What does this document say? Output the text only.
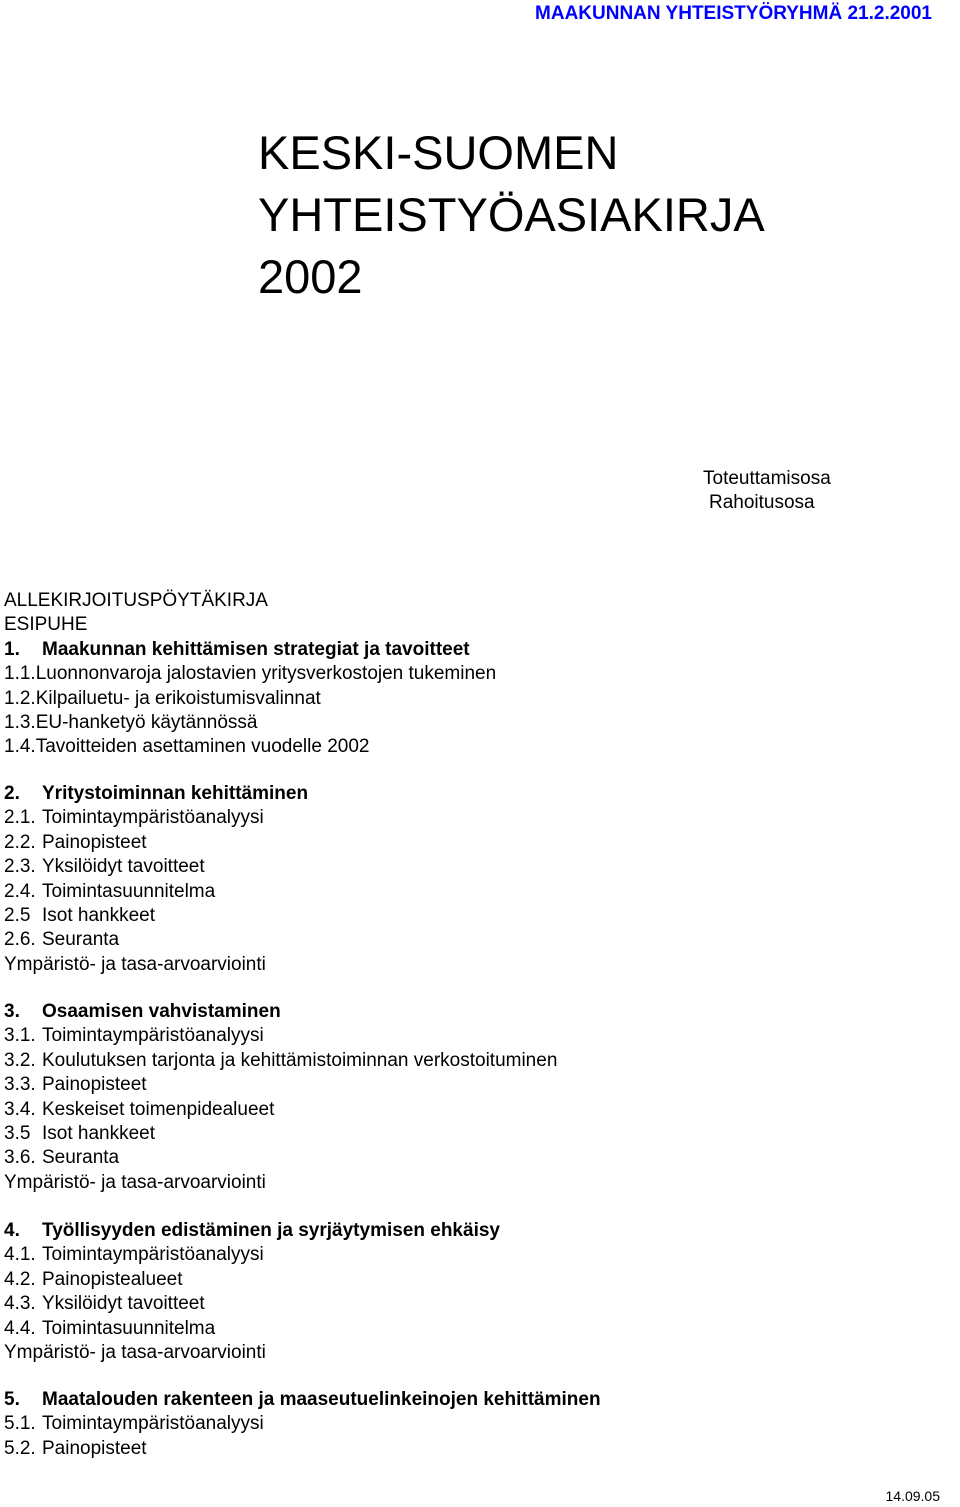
MAAKUNNAN YHTEISTYÖRYHMÄ 21.2.2001
KESKI-SUOMEN
YHTEISTYÖASIAKIRJA
2002
Toteuttamisosa
Rahoitusosa
ALLEKIRJOITUSPÖYTÄKIRJA
ESIPUHE
1. Maakunnan kehittämisen strategiat ja tavoitteet
1.1.Luonnonvaroja jalostavien yritysverkostojen tukeminen
1.2.Kilpailuetu- ja erikoistumisvalinnat
1.3.EU-hanketyö käytännössä
1.4.Tavoitteiden asettaminen vuodelle 2002
2. Yritystoiminnan kehittäminen
2.1. Toimintaympäristöanalyysi
2.2. Painopisteet
2.3. Yksilöidyt tavoitteet
2.4. Toimintasuunnitelma
2.5 Isot hankkeet
2.6. Seuranta
Ympäristö- ja tasa-arvoarviointi
3. Osaamisen vahvistaminen
3.1. Toimintaympäristöanalyysi
3.2. Koulutuksen tarjonta ja kehittämistoiminnan verkostoituminen
3.3. Painopisteet
3.4. Keskeiset toimenpidealueet
3.5 Isot hankkeet
3.6. Seuranta
Ympäristö- ja tasa-arvoarviointi
4. Työllisyyden edistäminen ja syrjäytymisen ehkäisy
4.1. Toimintaympäristöanalyysi
4.2. Painopistealueet
4.3. Yksilöidyt tavoitteet
4.4. Toimintasuunnitelma
Ympäristö- ja tasa-arvoarviointi
5. Maatalouden rakenteen ja maaseutuelinkeinojen kehittäminen
5.1. Toimintaympäristöanalyysi
5.2. Painopisteet
14.09.05
